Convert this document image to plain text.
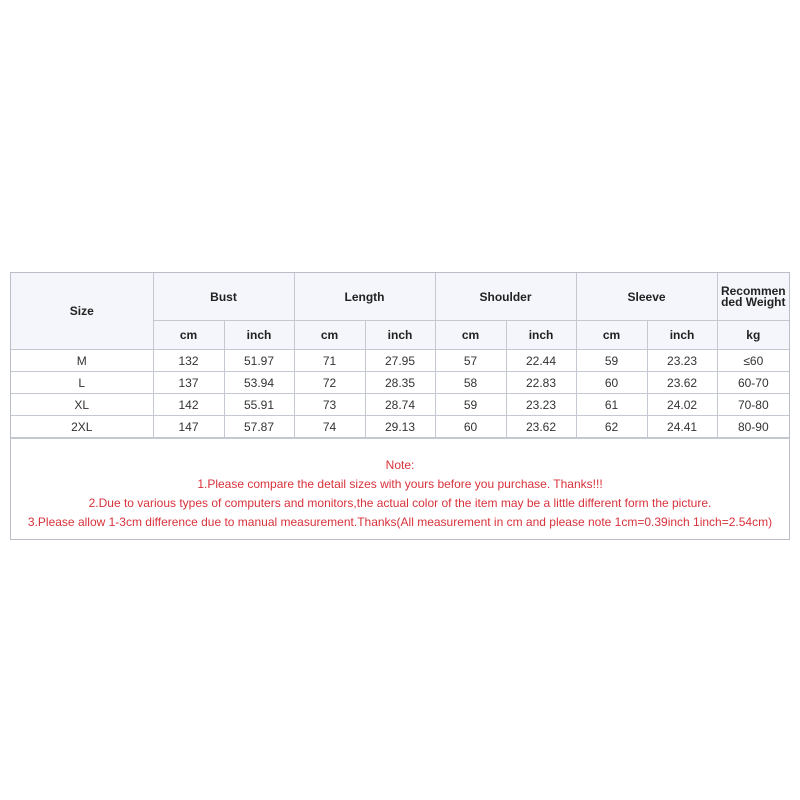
Size	Bust		Length		Shoulder		Sleeve		Recommended Weight
	cm	inch	cm	inch	cm	inch	cm	inch	kg
M	132	51.97	71	27.95	57	22.44	59	23.23	≤60
L	137	53.94	72	28.35	58	22.83	60	23.62	60-70
XL	142	55.91	73	28.74	59	23.23	61	24.02	70-80
2XL	147	57.87	74	29.13	60	23.62	62	24.41	80-90
Note:
1.Please compare the detail sizes with yours before you purchase. Thanks!!!
2.Due to various types of computers and monitors,the actual color of the item may be a little different form the picture.
3.Please allow 1-3cm difference due to manual measurement.Thanks(All measurement in cm and please note 1cm=0.39inch 1inch=2.54cm)
